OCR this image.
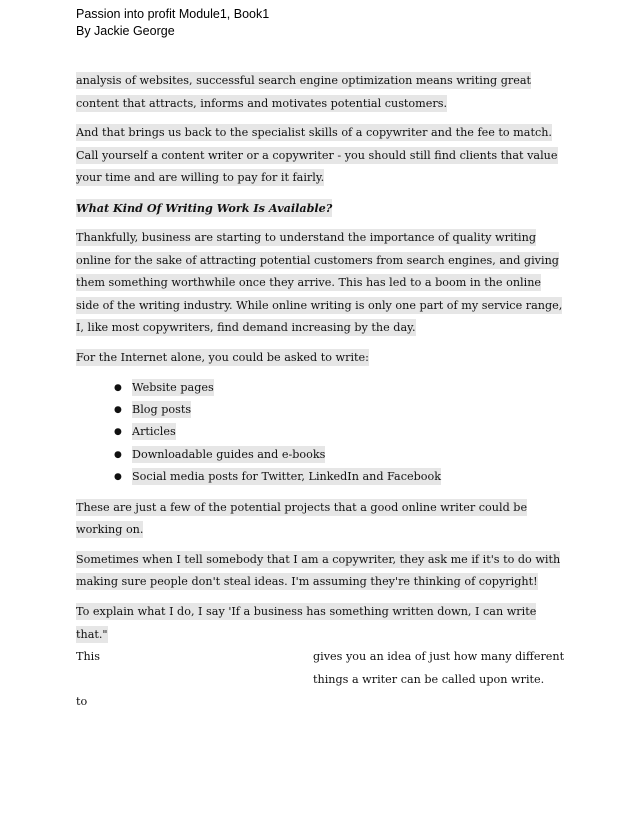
Passion into profit Module1, Book1
By Jackie George

analysis of websites, successful search engine optimization means writing great content that attracts, informs and motivates potential customers.

And that brings us back to the specialist skills of a copywriter and the fee to match. Call yourself a content writer or a copywriter - you should still find clients that value your time and are willing to pay for it fairly.

What Kind Of Writing Work Is Available?

Thankfully, business are starting to understand the importance of quality writing online for the sake of attracting potential customers from search engines, and giving them something worthwhile once they arrive. This has led to a boom in the online side of the writing industry. While online writing is only one part of my service range, I, like most copywriters, find demand increasing by the day.

For the Internet alone, you could be asked to write:

● Website pages
● Blog posts
● Articles
● Downloadable guides and e-books
● Social media posts for Twitter, LinkedIn and Facebook

These are just a few of the potential projects that a good online writer could be working on.

Sometimes when I tell somebody that I am a copywriter, they ask me if it's to do with making sure people don't steal ideas. I'm assuming they're thinking of copyright!

To explain what I do, I say 'If a business has something written down, I can write that."

This
to
gives you an idea of just how many different things a writer can be called upon write.
